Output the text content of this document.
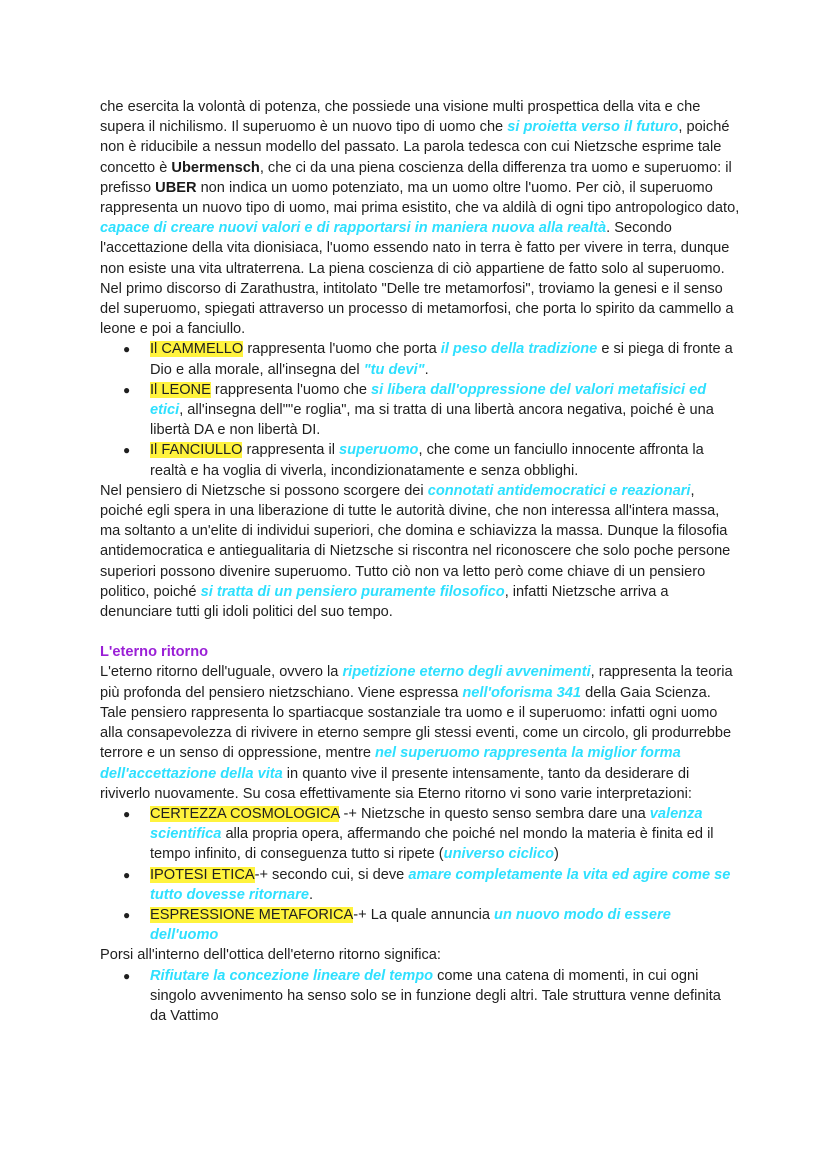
che esercita la volontà di potenza, che possiede una visione multi prospettica della vita e che supera il nichilismo. Il superuomo è un nuovo tipo di uomo che si proietta verso il futuro, poiché non è riducibile a nessun modello del passato. La parola tedesca con cui Nietzsche esprime tale concetto è Ubermensch, che ci da una piena coscienza della differenza tra uomo e superuomo: il prefisso UBER non indica un uomo potenziato, ma un uomo oltre l'uomo. Per ciò, il superuomo rappresenta un nuovo tipo di uomo, mai prima esistito, che va aldilà di ogni tipo antropologico dato, capace di creare nuovi valori e di rapportarsi in maniera nuova alla realtà. Secondo l'accettazione della vita dionisiaca, l'uomo essendo nato in terra è fatto per vivere in terra, dunque non esiste una vita ultraterrena. La piena coscienza di ciò appartiene de fatto solo al superuomo. Nel primo discorso di Zarathustra, intitolato "Delle tre metamorfosi", troviamo la genesi e il senso del superuomo, spiegati attraverso un processo di metamorfosi, che porta lo spirito da cammello a leone e poi a fanciullo.

● Il CAMMELLO rappresenta l'uomo che porta il peso della tradizione e si piega di fronte a Dio e alla morale, all'insegna del "tu devi".
● Il LEONE rappresenta l'uomo che si libera dall'oppressione del valori metafisici ed etici, all'insegna dell'"'e roglia", ma si tratta di una libertà ancora negativa, poiché è una libertà DA e non libertà DI.
● Il FANCIULLO rappresenta il superuomo, che come un fanciullo innocente affronta la realtà e ha voglia di viverla, incondizionatamente e senza obblighi.

Nel pensiero di Nietzsche si possono scorgere dei connotati antidemocratici e reazionari, poiché egli spera in una liberazione di tutte le autorità divine, che non interessa all'intera massa, ma soltanto a un'elite di individui superiori, che domina e schiavizza la massa. Dunque la filosofia antidemocratica e antiegualitaria di Nietzsche si riscontra nel riconoscere che solo poche persone superiori possono divenire superuomo. Tutto ciò non va letto però come chiave di un pensiero politico, poiché si tratta di un pensiero puramente filosofico, infatti Nietzsche arriva a denunciare tutti gli idoli politici del suo tempo.

L'eterno ritorno

L'eterno ritorno dell'uguale, ovvero la ripetizione eterno degli avvenimenti, rappresenta la teoria più profonda del pensiero nietzschiano. Viene espressa nell'oforisma 341 della Gaia Scienza. Tale pensiero rappresenta lo spartiacque sostanziale tra uomo e il superuomo: infatti ogni uomo alla consapevolezza di rivivere in eterno sempre gli stessi eventi, come un circolo, gli produrrebbe terrore e un senso di oppressione, mentre nel superuomo rappresenta la miglior forma dell'accettazione della vita in quanto vive il presente intensamente, tanto da desiderare di riviverlo nuovamente. Su cosa effettivamente sia Eterno ritorno vi sono varie interpretazioni:

● CERTEZZA COSMOLOGICA -+ Nietzsche in questo senso sembra dare una valenza scientifica alla propria opera, affermando che poiché nel mondo la materia è finita ed il tempo infinito, di conseguenza tutto si ripete (universo ciclico)
● IPOTESI ETICA-+ secondo cui, si deve amare completamente la vita ed agire come se tutto dovesse ritornare.
● ESPRESSIONE METAFORICA-+ La quale annuncia un nuovo modo di essere dell'uomo

Porsi all'interno dell'ottica dell'eterno ritorno significa:

● Rifiutare la concezione lineare del tempo come una catena di momenti, in cui ogni singolo avvenimento ha senso solo se in funzione degli altri. Tale struttura venne definita da Vattimo
